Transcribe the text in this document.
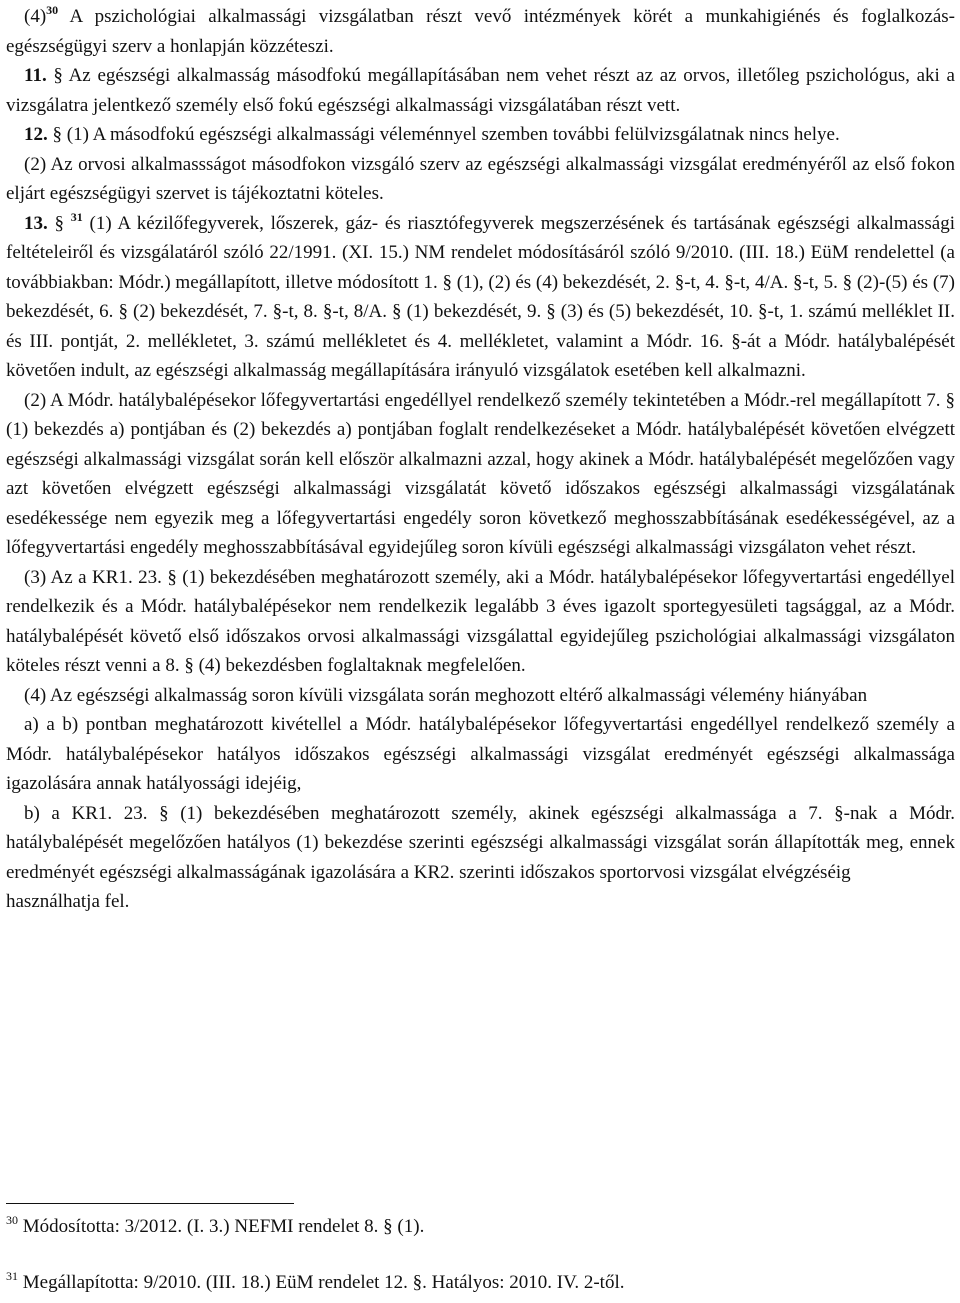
$(4)^{30}$ A pszichológiai alkalmassági vizsgálatban részt vevő intézmények körét a munkahigiénés és foglalkozás-egészségügyi szerv a honlapján közzéteszi.

11. § Az egészségi alkalmasság másodfokú megállapításában nem vehet részt az az orvos, illetőleg pszichológus, aki a vizsgálatra jelentkező személy első fokú egészségi alkalmassági vizsgálatában részt vett.

12. § (1) A másodfokú egészségi alkalmassági véleménnyel szemben további felülvizsgálatnak nincs helye.

(2) Az orvosi alkalmassságot másodfokon vizsgáló szerv az egészségi alkalmassági vizsgálat eredményéről az első fokon eljárt egészségügyi szervet is tájékoztatni köteles.

13. § $^{31}$ (1) A kézilőfegyverek, lőszerek, gáz- és riasztófegyverek megszerzésének és tartásának egészségi alkalmassági feltételeiről és vizsgálatáról szóló 22/1991. (XI. 15.) NM rendelet módosításáról szóló 9/2010. (III. 18.) EüM rendelettel (a továbbiakban: Módr.) megállapított, illetve módosított 1. § (1), (2) és (4) bekezdését, 2. §-t, 4. §-t, 4/A. §-t, 5. § (2)-(5) és (7) bekezdését, 6. § (2) bekezdését, 7. §-t, 8. §-t, 8/A. § (1) bekezdését, 9. § (3) és (5) bekezdését, 10. §-t, 1. számú melléklet II. és III. pontját, 2. mellékletet, 3. számú mellékletet és 4. mellékletet, valamint a Módr. 16. §-át a Módr. hatálybalépését követően indult, az egészségi alkalmasság megállapítására irányuló vizsgálatok esetében kell alkalmazni.

(2) A Módr. hatálybalépésekor lőfegyvertartási engedéllyel rendelkező személy tekintetében a Módr.-rel megállapított 7. § (1) bekezdés a) pontjában és (2) bekezdés a) pontjában foglalt rendelkezéseket a Módr. hatálybalépését követően elvégzett egészségi alkalmassági vizsgálat során kell először alkalmazni azzal, hogy akinek a Módr. hatálybalépését megelőzően vagy azt követően elvégzett egészségi alkalmassági vizsgálatát követő időszakos egészségi alkalmassági vizsgálatának esedékessége nem egyezik meg a lőfegyvertartási engedély soron következő meghosszabbításának esedékességével, az a lőfegyvertartási engedély meghosszabbításával egyidejűleg soron kívüli egészségi alkalmassági vizsgálaton vehet részt.

(3) Az a KR1. 23. § (1) bekezdésében meghatározott személy, aki a Módr. hatálybalépésekor lőfegyvertartási engedéllyel rendelkezik és a Módr. hatálybalépésekor nem rendelkezik legalább 3 éves igazolt sportegyesületi tagsággal, az a Módr. hatálybalépését követő első időszakos orvosi alkalmassági vizsgálattal egyidejűleg pszichológiai alkalmassági vizsgálaton köteles részt venni a 8. § (4) bekezdésben foglaltaknak megfelelően.

(4) Az egészségi alkalmasság soron kívüli vizsgálata során meghozott eltérő alkalmassági vélemény hiányában

a) a b) pontban meghatározott kivétellel a Módr. hatálybalépésekor lőfegyvertartási engedéllyel rendelkező személy a Módr. hatálybalépésekor hatályos időszakos egészségi alkalmassági vizsgálat eredményét egészségi alkalmassága igazolására annak hatályossági idejéig,

b) a KR1. 23. § (1) bekezdésében meghatározott személy, akinek egészségi alkalmassága a 7. §-nak a Módr. hatálybalépését megelőzően hatályos (1) bekezdése szerinti egészségi alkalmassági vizsgálat során állapították meg, ennek eredményét egészségi alkalmasságának igazolására a KR2. szerinti időszakos sportorvosi vizsgálat elvégzéséig

használhatja fel.

$^{30}$ Módosította: 3/2012. (I. 3.) NEFMI rendelet 8. § (1).
$^{31}$ Megállapította: 9/2010. (III. 18.) EüM rendelet 12. §. Hatályos: 2010. IV. 2-től.
